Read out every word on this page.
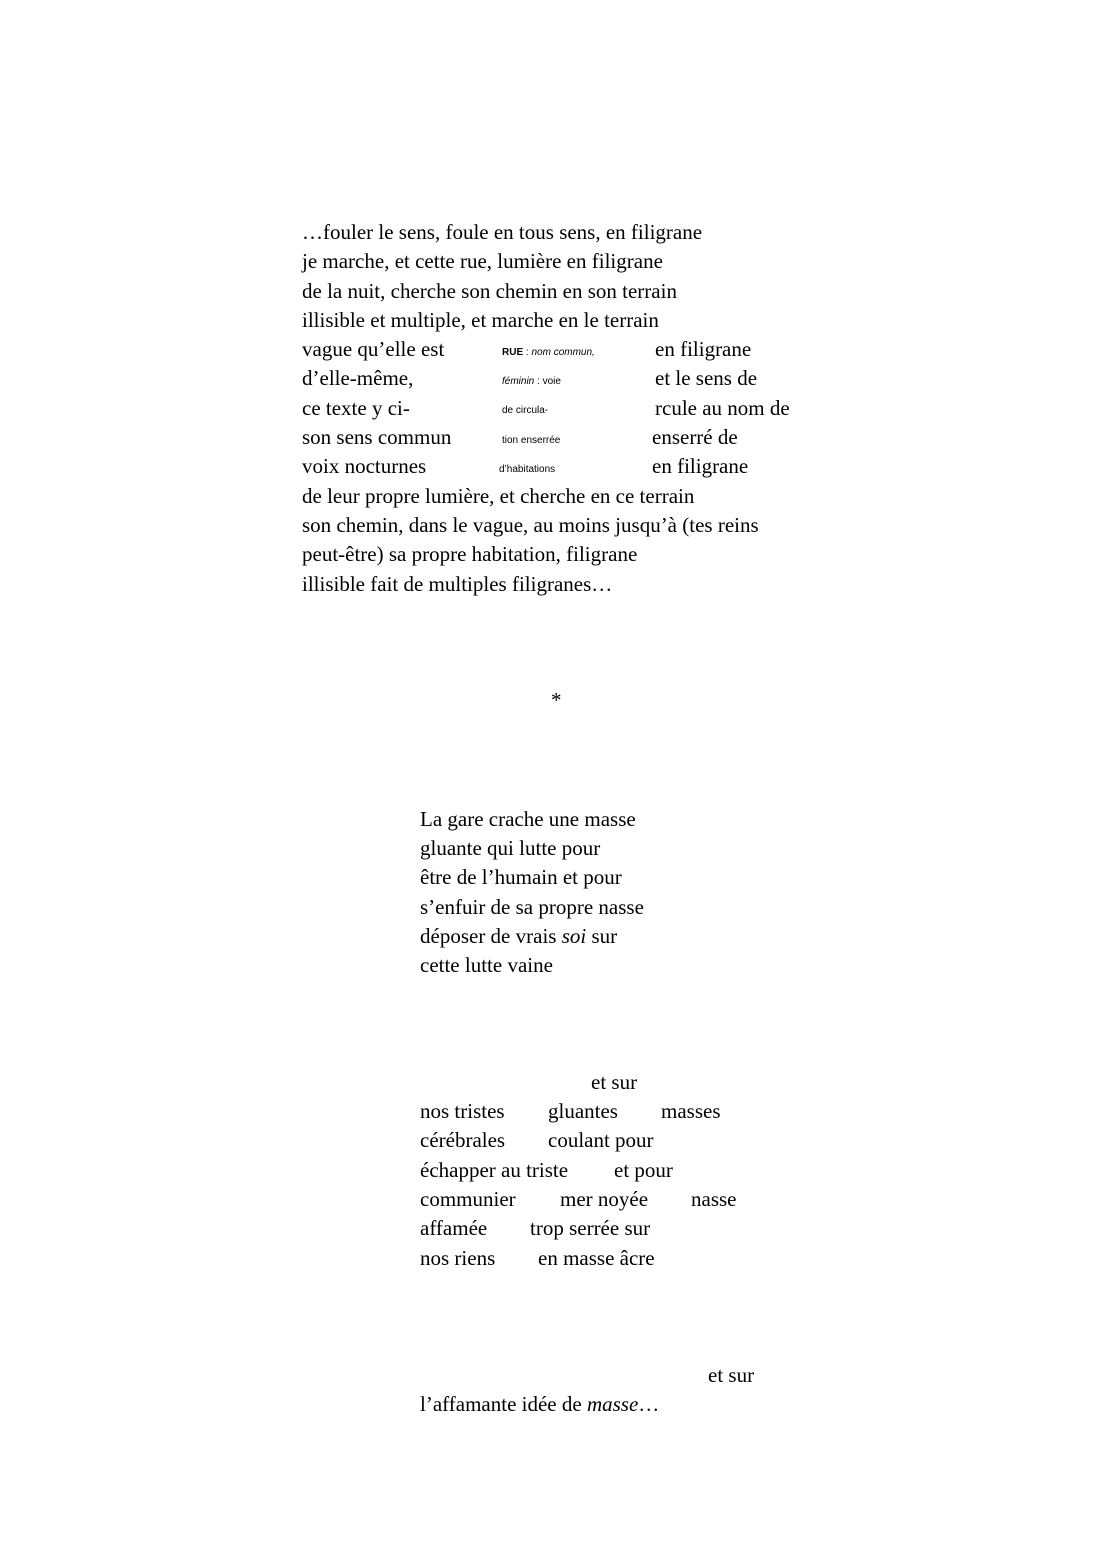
…fouler le sens, foule en tous sens, en filigrane
je marche, et cette rue, lumière en filigrane
de la nuit, cherche son chemin en son terrain
illisible et multiple, et marche en le terrain
vague qu’elle est	en filigrane
d’elle-même,	et le sens de
ce texte y ci-	rcule au nom de
son sens commun	enserré de
voix nocturnes	en filigrane
de leur propre lumière, et cherche en ce terrain
son chemin, dans le vague, au moins jusqu’à (tes reins
peut-être) sa propre habitation, filigrane
illisible fait de multiples filigranes…
RUE : nom commun,
féminin : voie
de circula-
tion enserrée
d’habitations
*
La gare crache une masse
gluante qui lutte pour
être de l’humain et pour
s’enfuir de sa propre nasse
déposer de vrais soi sur
cette lutte vaine
et sur
nos tristes gluantes masses
cérébrales coulant pour
échapper au triste et pour
communier mer noyée nasse
affamée trop serrée sur
nos riens en masse âcre
et sur
l’affamante idée de masse…
